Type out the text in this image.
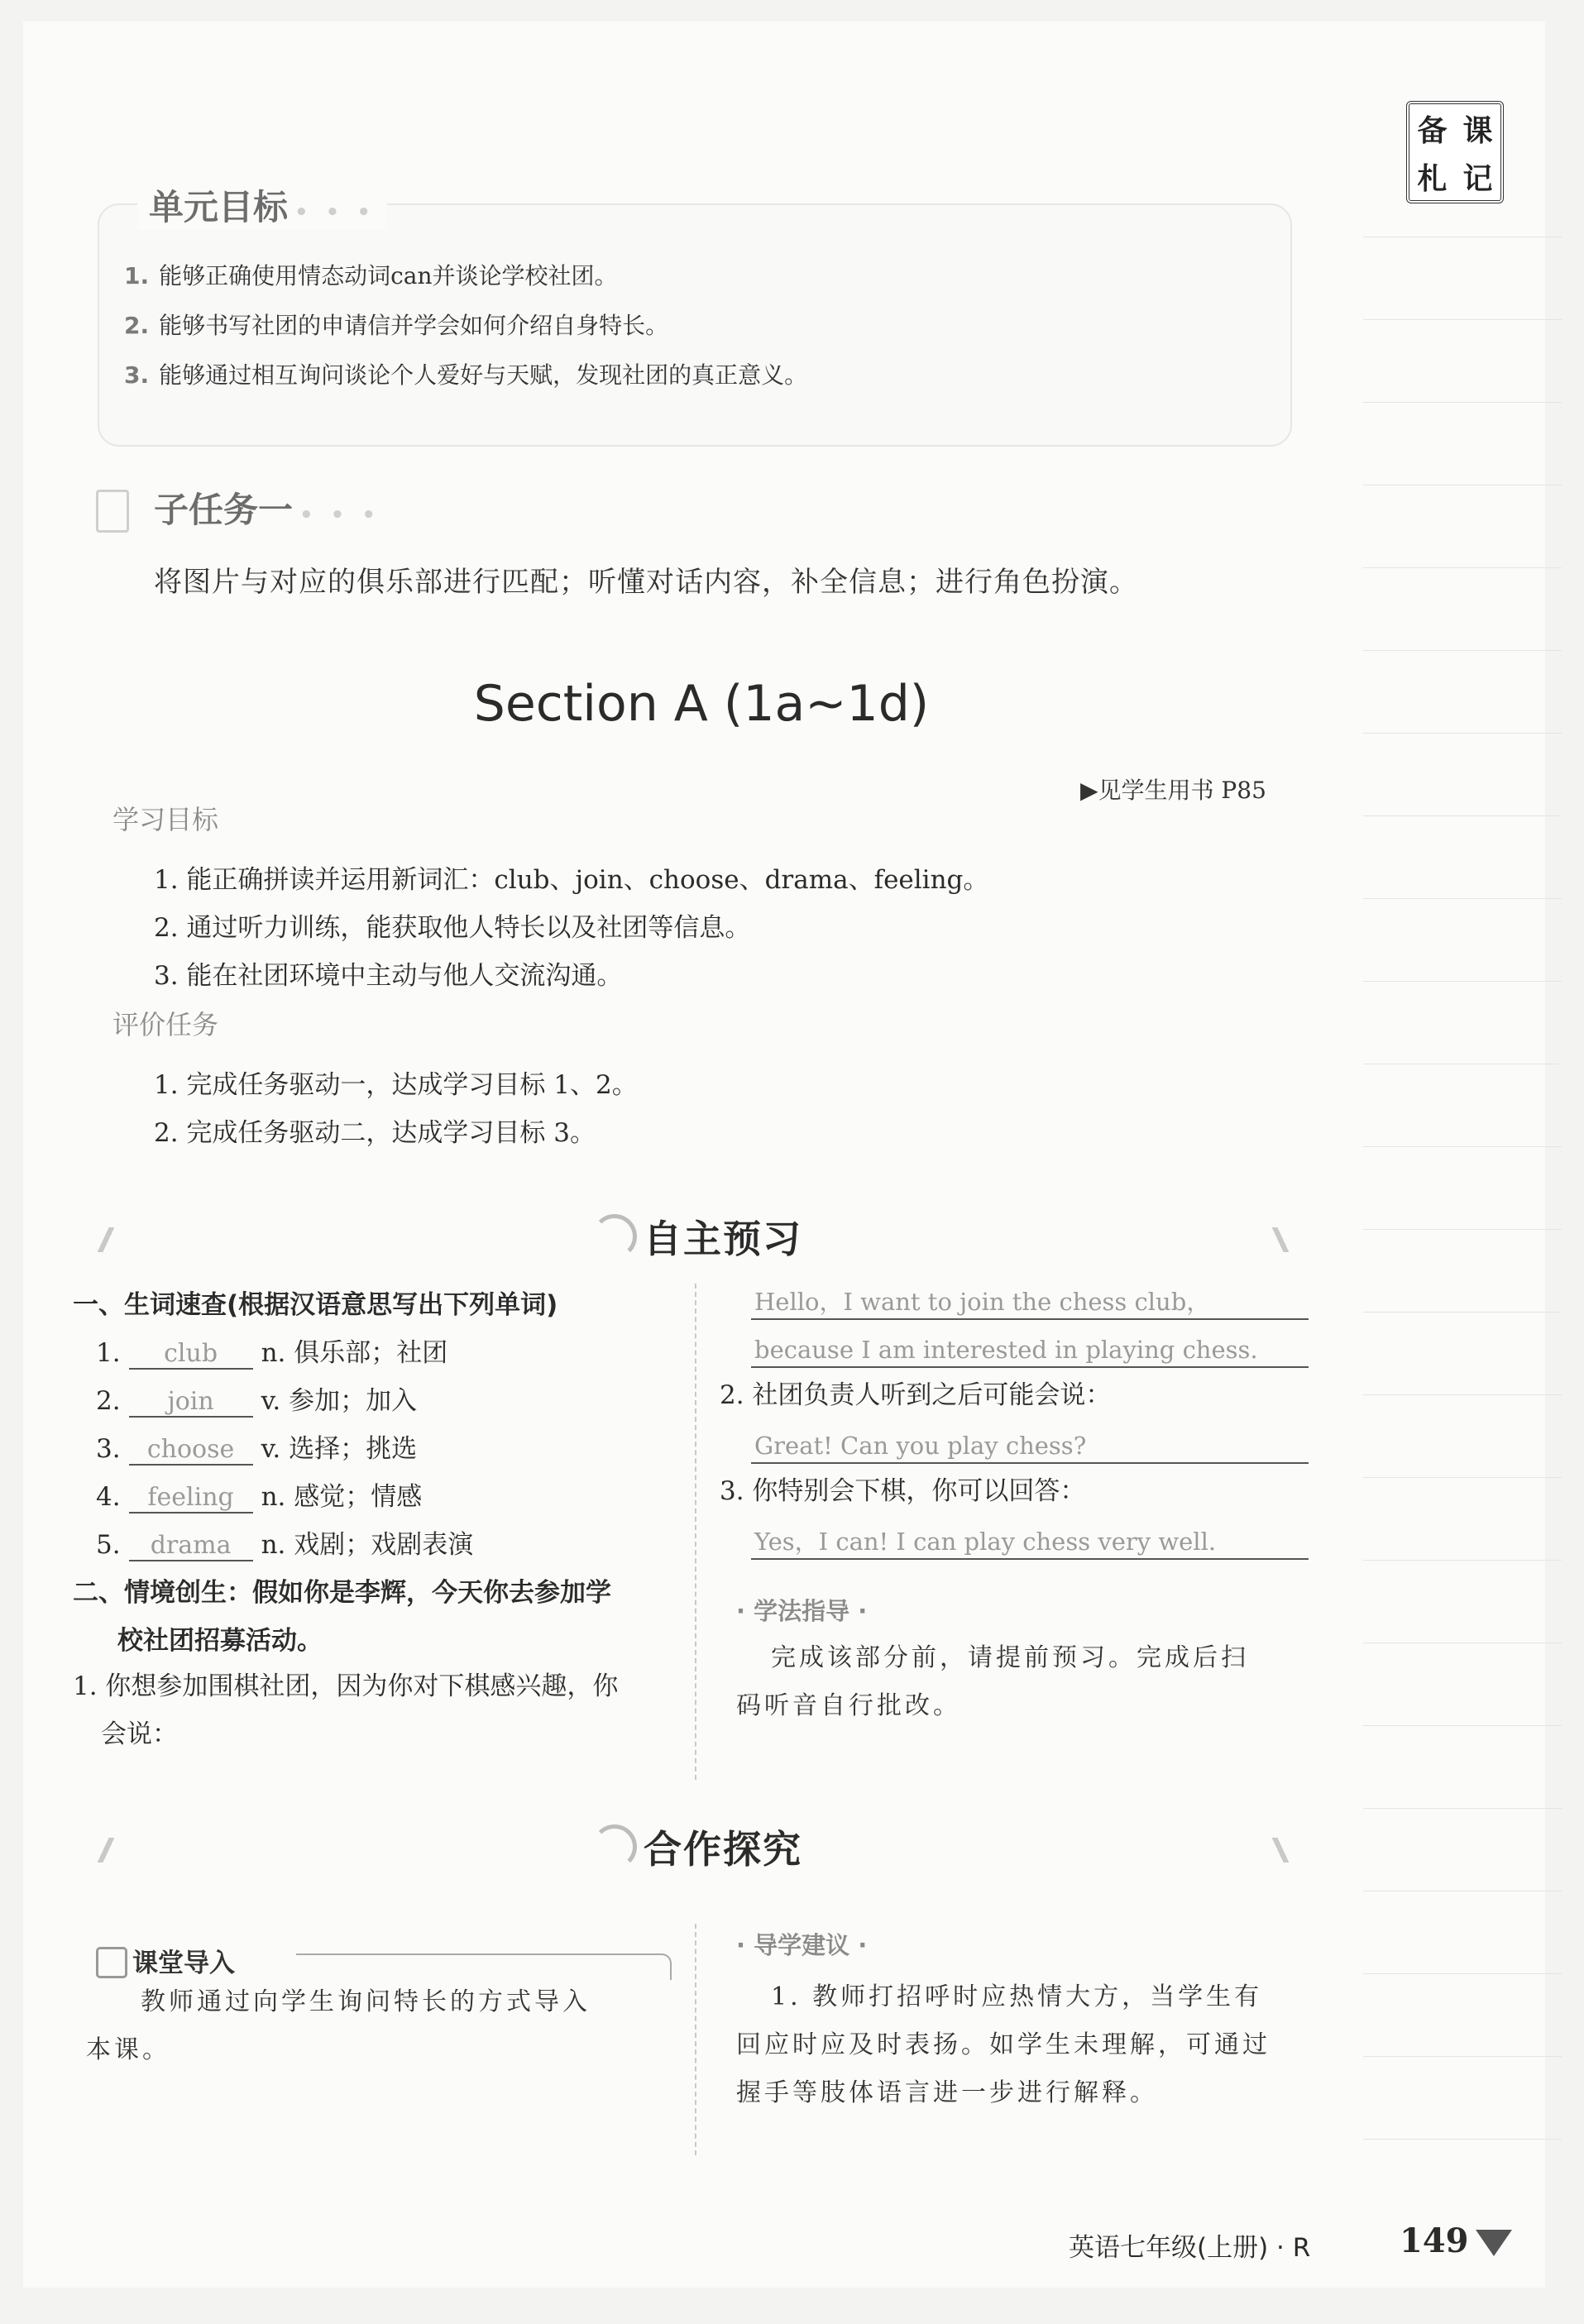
备 课
札 记
单元目标 • • •
1. 能够正确使用情态动词can并谈论学校社团。
2. 能够书写社团的申请信并学会如何介绍自身特长。
3. 能够通过相互询问谈论个人爱好与天赋，发现社团的真正意义。
子任务一 • • •
将图片与对应的俱乐部进行匹配；听懂对话内容，补全信息；进行角色扮演。
Section A (1a~1d)
▶见学生用书 P85
学习目标
1. 能正确拼读并运用新词汇：club、join、choose、drama、feeling。
2. 通过听力训练，能获取他人特长以及社团等信息。
3. 能在社团环境中主动与他人交流沟通。
评价任务
1. 完成任务驱动一，达成学习目标 1、2。
2. 完成任务驱动二，达成学习目标 3。
自主预习
一、生词速查(根据汉语意思写出下列单词)
1. club n. 俱乐部；社团
2. join v. 参加；加入
3. choose v. 选择；挑选
4. feeling n. 感觉；情感
5. drama n. 戏剧；戏剧表演
二、情境创生：假如你是李辉，今天你去参加学
校社团招募活动。
1. 你想参加围棋社团，因为你对下棋感兴趣，你
会说：
Hello，I want to join the chess club，
because I am interested in playing chess.
2. 社团负责人听到之后可能会说：
Great! Can you play chess?
3. 你特别会下棋，你可以回答：
Yes，I can! I can play chess very well.
· 学法指导 ·
完成该部分前，请提前预习。完成后扫
码听音自行批改。
合作探究
课堂导入
教师通过向学生询问特长的方式导入
本课。
· 导学建议 ·
1. 教师打招呼时应热情大方，当学生有
回应时应及时表扬。如学生未理解，可通过
握手等肢体语言进一步进行解释。
英语七年级(上册) · R	149
